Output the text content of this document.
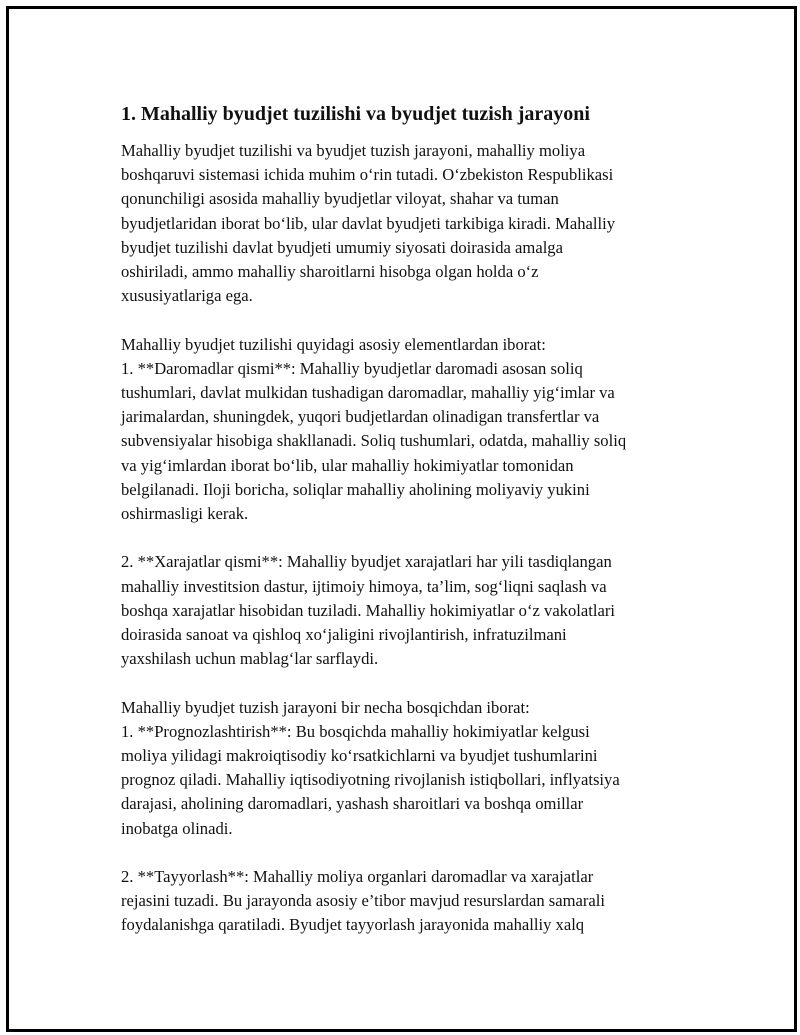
1. Mahalliy byudjet tuzilishi va byudjet tuzish jarayoni
Mahalliy byudjet tuzilishi va byudjet tuzish jarayoni, mahalliy moliya
boshqaruvi sistemasi ichida muhim o‘rin tutadi. O‘zbekiston Respublikasi
qonunchiligi asosida mahalliy byudjetlar viloyat, shahar va tuman
byudjetlaridan iborat bo‘lib, ular davlat byudjeti tarkibiga kiradi. Mahalliy
byudjet tuzilishi davlat byudjeti umumiy siyosati doirasida amalga
oshiriladi, ammo mahalliy sharoitlarni hisobga olgan holda o‘z
xususiyatlariga ega.
Mahalliy byudjet tuzilishi quyidagi asosiy elementlardan iborat:
1. **Daromadlar qismi**: Mahalliy byudjetlar daromadi asosan soliq
tushumlari, davlat mulkidan tushadigan daromadlar, mahalliy yig‘imlar va
jarimalardan, shuningdek, yuqori budjetlardan olinadigan transfertlar va
subvensiyalar hisobiga shakllanadi. Soliq tushumlari, odatda, mahalliy soliq
va yig‘imlardan iborat bo‘lib, ular mahalliy hokimiyatlar tomonidan
belgilanadi. Iloji boricha, soliqlar mahalliy aholining moliyaviy yukini
oshirmasligi kerak.
2. **Xarajatlar qismi**: Mahalliy byudjet xarajatlari har yili tasdiqlangan
mahalliy investitsion dastur, ijtimoiy himoya, ta’lim, sog‘liqni saqlash va
boshqa xarajatlar hisobidan tuziladi. Mahalliy hokimiyatlar o‘z vakolatlari
doirasida sanoat va qishloq xo‘jaligini rivojlantirish, infratuzilmani
yaxshilash uchun mablag‘lar sarflaydi.
Mahalliy byudjet tuzish jarayoni bir necha bosqichdan iborat:
1. **Prognozlashtirish**: Bu bosqichda mahalliy hokimiyatlar kelgusi
moliya yilidagi makroiqtisodiy ko‘rsatkichlarni va byudjet tushumlarini
prognoz qiladi. Mahalliy iqtisodiyotning rivojlanish istiqbollari, inflyatsiya
darajasi, aholining daromadlari, yashash sharoitlari va boshqa omillar
inobatga olinadi.
2. **Tayyorlash**: Mahalliy moliya organlari daromadlar va xarajatlar
rejasini tuzadi. Bu jarayonda asosiy e’tibor mavjud resurslardan samarali
foydalanishga qaratiladi. Byudjet tayyorlash jarayonida mahalliy xalq
